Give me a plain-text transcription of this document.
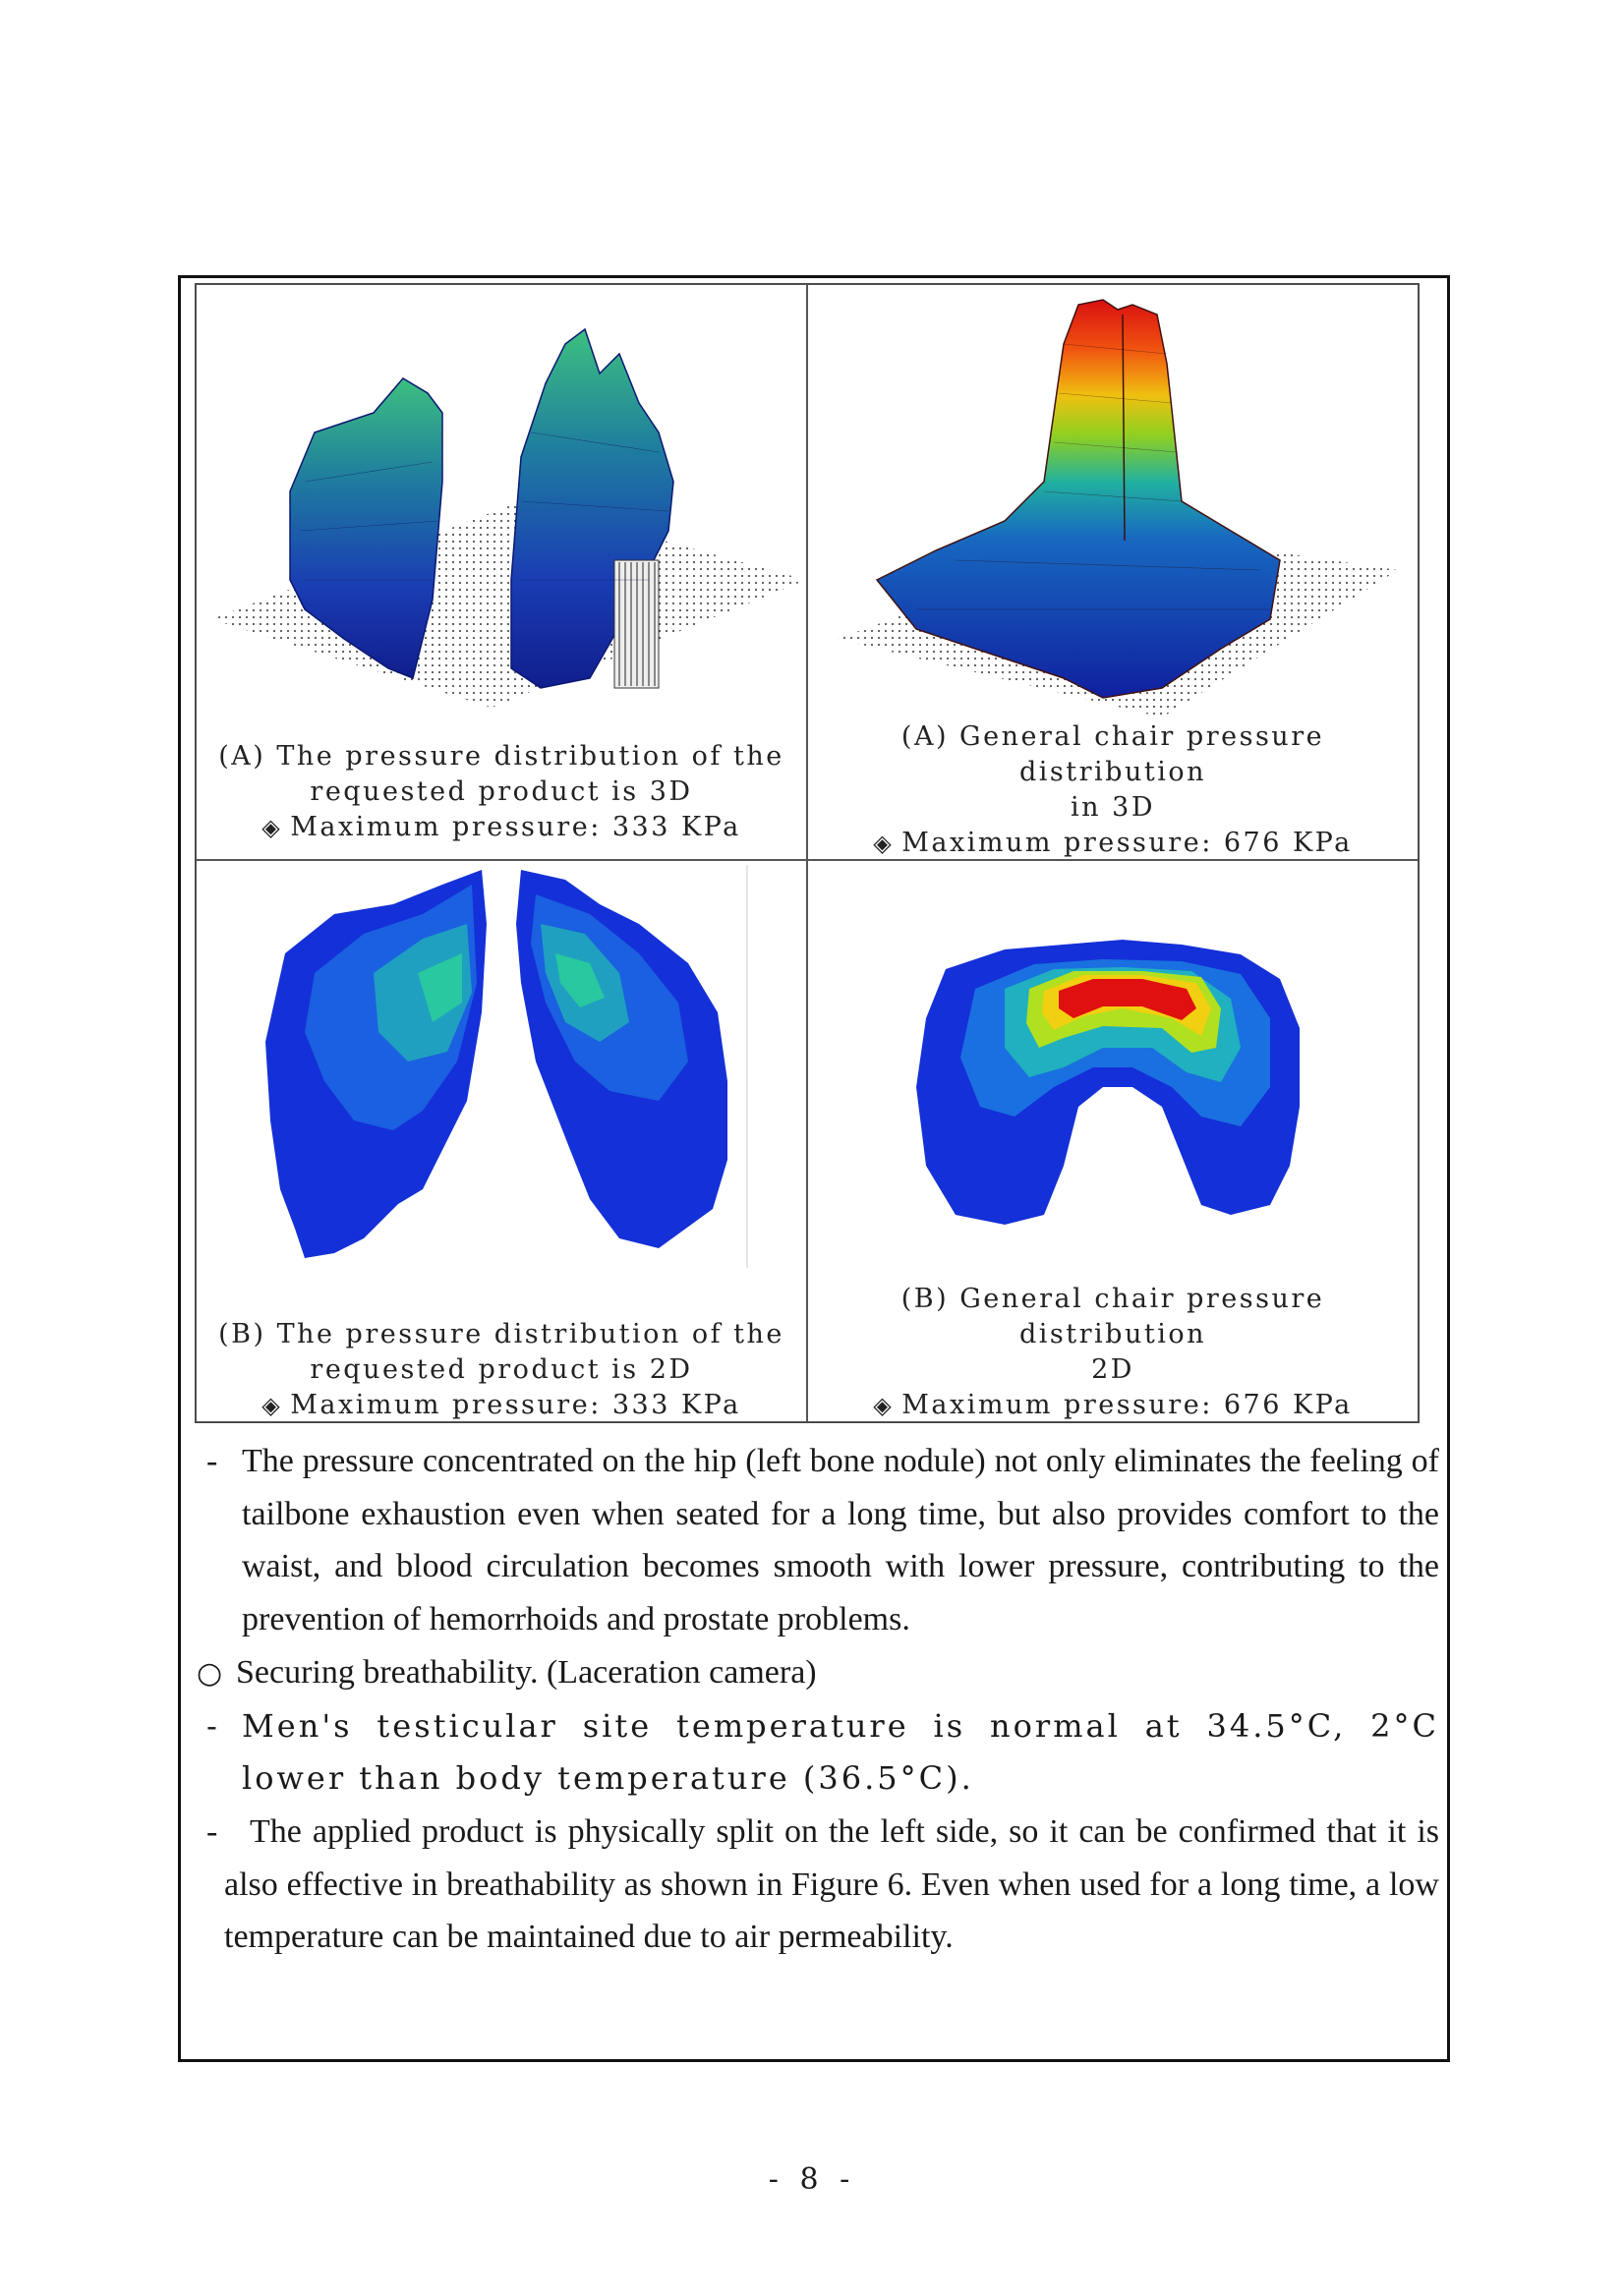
(A) The pressure distribution of the
requested product is 3D
◈ Maximum pressure: 333 KPa
(A) General chair pressure distribution
in 3D
◈ Maximum pressure: 676 KPa
(B) The pressure distribution of the
requested product is 2D
◈ Maximum pressure: 333 KPa
(B) General chair pressure distribution
2D
◈ Maximum pressure: 676 KPa
- The pressure concentrated on the hip (left bone nodule) not only eliminates the feeling of tailbone exhaustion even when seated for a long time, but also provides comfort to the waist, and blood circulation becomes smooth with lower pressure, contributing to the prevention of hemorrhoids and prostate problems.
○ Securing breathability. (Laceration camera)
- Men's testicular site temperature is normal at 34.5°C, 2°C lower than body temperature (36.5°C).
- The applied product is physically split on the left side, so it can be confirmed that it is also effective in breathability as shown in Figure 6. Even when used for a long time, a low temperature can be maintained due to air permeability.
- 8 -
